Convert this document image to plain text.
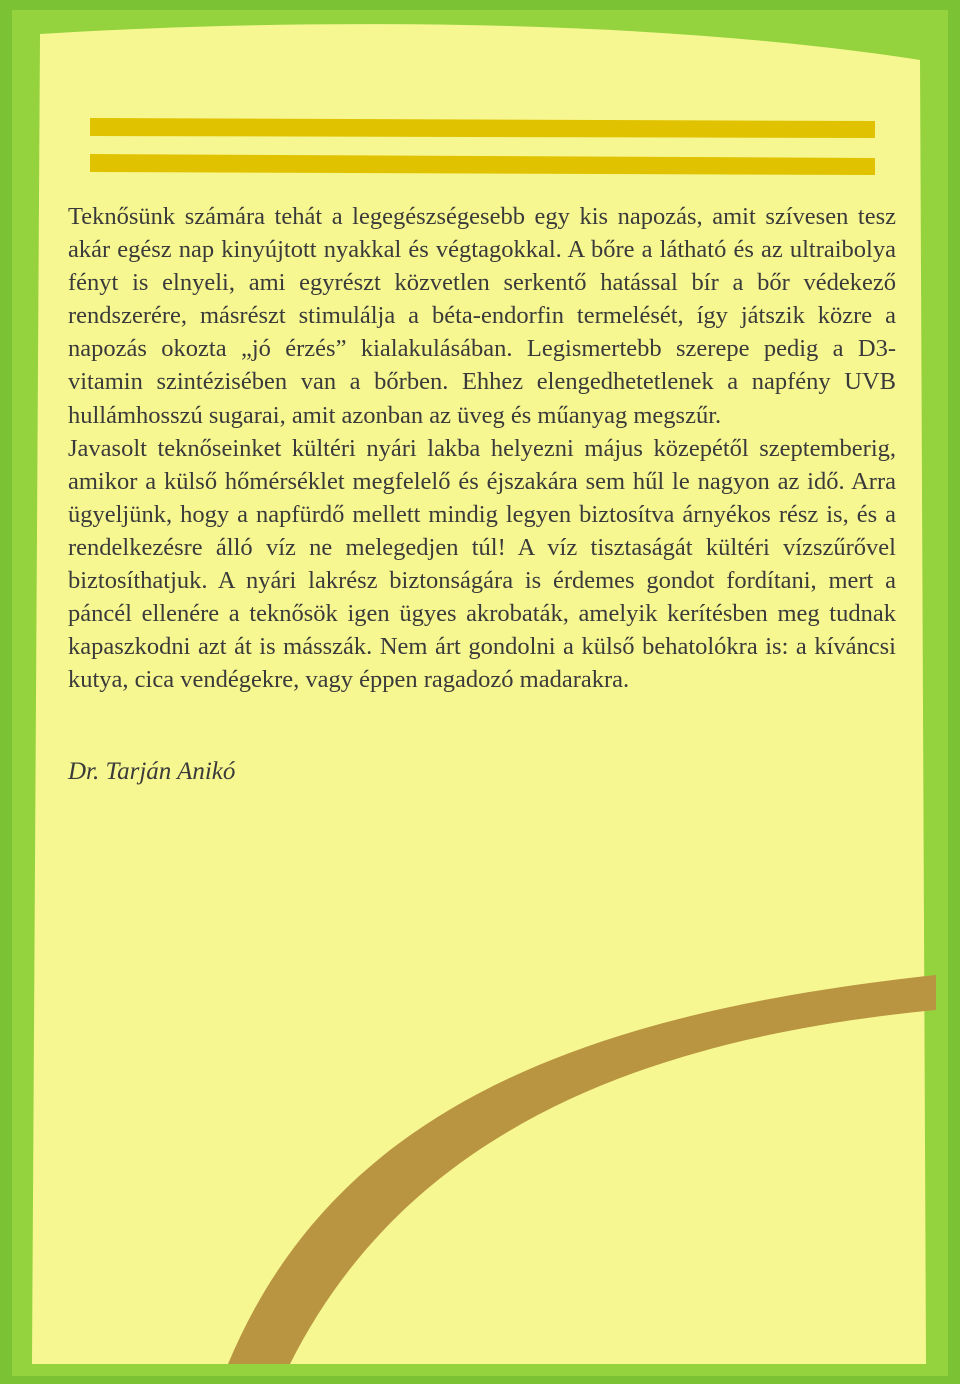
Teknősünk számára tehát a legegészségesebb egy kis napozás, amit szívesen tesz akár egész nap kinyújtott nyakkal és végtagokkal. A bőre a látható és az ultraibolya fényt is elnyeli, ami egyrészt közvetlen serkentő hatással bír a bőr védekező rendszerére, másrészt stimulálja a béta-endorfin termelését, így játszik közre a napozás okozta „jó érzés” kialakulásában. Legismertebb szerepe pedig a D3-vitamin szintézisében van a bőrben. Ehhez elengedhetetlenek a napfény UVB hullámhosszú sugarai, amit azonban az üveg és műanyag megszűr.

Javasolt teknőseinket kültéri nyári lakba helyezni május közepétől szeptemberig, amikor a külső hőmérséklet megfelelő és éjszakára sem hűl le nagyon az idő. Arra ügyeljünk, hogy a napfürdő mellett mindig legyen biztosítva árnyékos rész is, és a rendelkezésre álló víz ne melegedjen túl! A víz tisztaságát kültéri vízszűrővel biztosíthatjuk. A nyári lakrész biztonságára is érdemes gondot fordítani, mert a páncél ellenére a teknősök igen ügyes akrobaták, amelyik kerítésben meg tudnak kapaszkodni azt át is másszák. Nem árt gondolni a külső behatolókra is: a kíváncsi kutya, cica vendégekre, vagy éppen ragadozó madarakra.

Dr. Tarján Anikó
